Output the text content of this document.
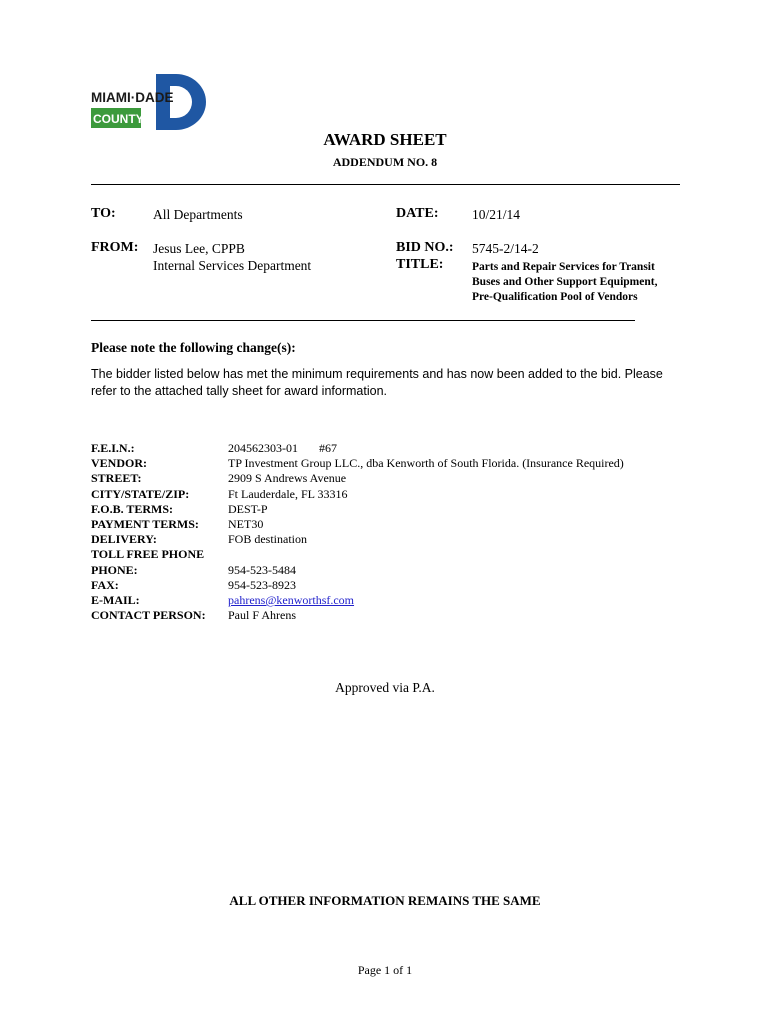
MIAMI·DADE
COUNTY
AWARD SHEET
ADDENDUM NO. 8
TO:	All Departments	DATE: 10/21/14
FROM: Jesus Lee, CPPB
Internal Services Department
BID NO.: 5745-2/14-2
TITLE: Parts and Repair Services for Transit
Buses and Other Support Equipment,
Pre-Qualification Pool of Vendors
Please note the following change(s):
The bidder listed below has met the minimum requirements and has now been added to the bid. Please
refer to the attached tally sheet for award information.
F.E.I.N.:	204562303-01       #67
VENDOR:	TP Investment Group LLC., dba Kenworth of South Florida. (Insurance Required)
STREET:	2909 S Andrews Avenue
CITY/STATE/ZIP:	Ft Lauderdale, FL 33316
F.O.B. TERMS:	DEST-P
PAYMENT TERMS:	NET30
DELIVERY:	FOB destination
TOLL FREE PHONE
PHONE:	954-523-5484
FAX:	954-523-8923
E-MAIL:	pahrens@kenworthsf.com
CONTACT PERSON:	Paul F Ahrens
Approved via P.A.
ALL OTHER INFORMATION REMAINS THE SAME
Page 1 of 1
